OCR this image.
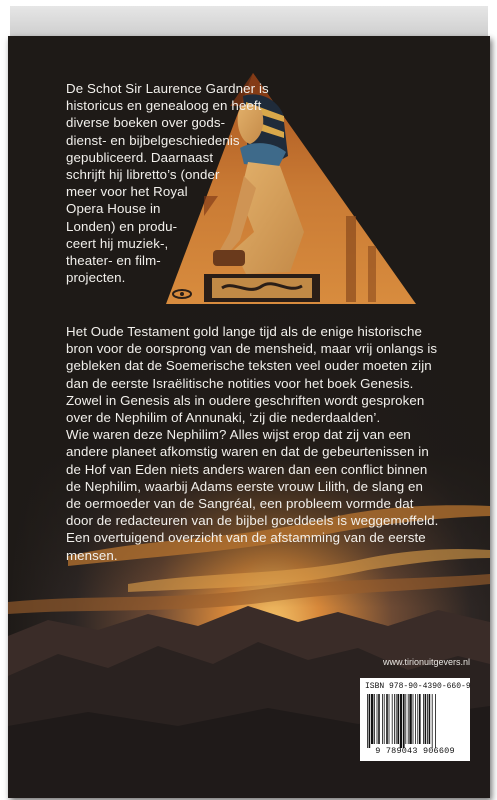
De Schot Sir Laurence Gardner is
historicus en genealoog en heeft
diverse boeken over gods-
dienst- en bijbelgeschiedenis
gepubliceerd. Daarnaast
schrijft hij libretto’s (onder
meer voor het Royal
Opera House in
Londen) en produ-
ceert hij muziek-,
theater- en film-
projecten.
Het Oude Testament gold lange tijd als de enige historische
bron voor de oorsprong van de mensheid, maar vrij onlangs is
gebleken dat de Soemerische teksten veel ouder moeten zijn
dan de eerste Israëlitische notities voor het boek Genesis.
Zowel in Genesis als in oudere geschriften wordt gesproken
over de Nephilim of Annunaki, ‘zij die nederdaalden’.
Wie waren deze Nephilim? Alles wijst erop dat zij van een
andere planeet afkomstig waren en dat de gebeurtenissen in
de Hof van Eden niets anders waren dan een conflict binnen
de Nephilim, waarbij Adams eerste vrouw Lilith, de slang en
de oermoeder van de Sangréal, een probleem vormde dat
door de redacteuren van de bijbel goeddeels is weggemoffeld.
Een overtuigend overzicht van de afstamming van de eerste
mensen.
www.tirionuitgevers.nl
ISBN 978-90-4390-660-9
9 789043 906609
